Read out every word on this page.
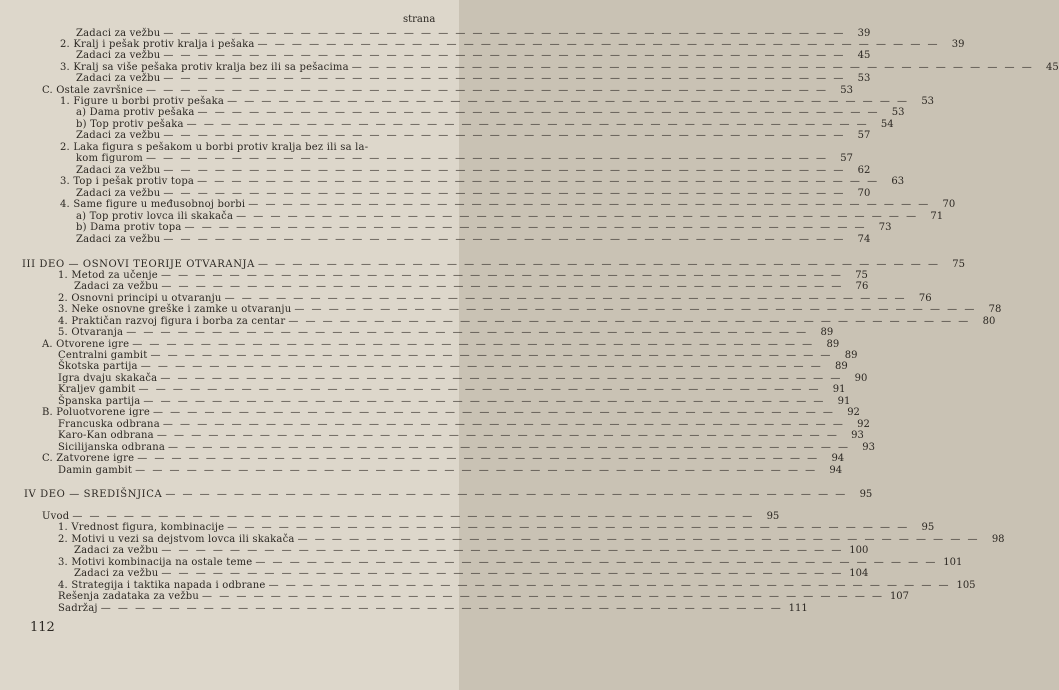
strana
Zadaci za vežbu — — — — — — — — — — — — — — — — — — — — — — — — — — — — — — — — — — — — — — — —	39
2. Kralj i pešak protiv kralja i pešaka — — — — — — — — — — — — — — — — — — — — — — — — — — — — — — — — — — — — — — — —	39
Zadaci za vežbu — — — — — — — — — — — — — — — — — — — — — — — — — — — — — — — — — — — — — — — —	45
3. Kralj sa više pešaka protiv kralja bez ili sa pešacima — — — — — — — — — — — — — — — — — — — — — — — — — — — — — — — — — — — — — — — —	45
Zadaci za vežbu — — — — — — — — — — — — — — — — — — — — — — — — — — — — — — — — — — — — — — — —	53
C. Ostale završnice — — — — — — — — — — — — — — — — — — — — — — — — — — — — — — — — — — — — — — — —	53
1. Figure u borbi protiv pešaka — — — — — — — — — — — — — — — — — — — — — — — — — — — — — — — — — — — — — — — —	53
a) Dama protiv pešaka — — — — — — — — — — — — — — — — — — — — — — — — — — — — — — — — — — — — — — — —	53
b) Top protiv pešaka — — — — — — — — — — — — — — — — — — — — — — — — — — — — — — — — — — — — — — — —	54
Zadaci za vežbu — — — — — — — — — — — — — — — — — — — — — — — — — — — — — — — — — — — — — — — —	57
2. Laka figura s pešakom u borbi protiv kralja bez ili sa la-
kom figurom — — — — — — — — — — — — — — — — — — — — — — — — — — — — — — — — — — — — — — — —	57
Zadaci za vežbu — — — — — — — — — — — — — — — — — — — — — — — — — — — — — — — — — — — — — — — —	62
3. Top i pešak protiv topa — — — — — — — — — — — — — — — — — — — — — — — — — — — — — — — — — — — — — — — —	63
Zadaci za vežbu — — — — — — — — — — — — — — — — — — — — — — — — — — — — — — — — — — — — — — — —	70
4. Same figure u međusobnoj borbi — — — — — — — — — — — — — — — — — — — — — — — — — — — — — — — — — — — — — — — —	70
a) Top protiv lovca ili skakača — — — — — — — — — — — — — — — — — — — — — — — — — — — — — — — — — — — — — — — —	71
b) Dama protiv topa — — — — — — — — — — — — — — — — — — — — — — — — — — — — — — — — — — — — — — — —	73
Zadaci za vežbu — — — — — — — — — — — — — — — — — — — — — — — — — — — — — — — — — — — — — — — —	74
III DEO — OSNOVI TEORIJE OTVARANJA — — — — — — — — — — — — — — — — — — — — — — — — — — — — — — — — — — — — — — — —	75
1. Metod za učenje — — — — — — — — — — — — — — — — — — — — — — — — — — — — — — — — — — — — — — — —	75
Zadaci za vežbu — — — — — — — — — — — — — — — — — — — — — — — — — — — — — — — — — — — — — — — —	76
2. Osnovni principi u otvaranju — — — — — — — — — — — — — — — — — — — — — — — — — — — — — — — — — — — — — — — —	76
3. Neke osnovne greške i zamke u otvaranju — — — — — — — — — — — — — — — — — — — — — — — — — — — — — — — — — — — — — — — —	78
4. Praktičan razvoj figura i borba za centar — — — — — — — — — — — — — — — — — — — — — — — — — — — — — — — — — — — — — — — —	80
5. Otvaranja — — — — — — — — — — — — — — — — — — — — — — — — — — — — — — — — — — — — — — — —	89
A. Otvorene igre — — — — — — — — — — — — — — — — — — — — — — — — — — — — — — — — — — — — — — — —	89
Centralni gambit — — — — — — — — — — — — — — — — — — — — — — — — — — — — — — — — — — — — — — — —	89
Škotska partija — — — — — — — — — — — — — — — — — — — — — — — — — — — — — — — — — — — — — — — —	89
Igra dvaju skakača — — — — — — — — — — — — — — — — — — — — — — — — — — — — — — — — — — — — — — — —	90
Kraljev gambit — — — — — — — — — — — — — — — — — — — — — — — — — — — — — — — — — — — — — — — —	91
Španska partija — — — — — — — — — — — — — — — — — — — — — — — — — — — — — — — — — — — — — — — —	91
B. Poluotvorene igre — — — — — — — — — — — — — — — — — — — — — — — — — — — — — — — — — — — — — — — —	92
Francuska odbrana — — — — — — — — — — — — — — — — — — — — — — — — — — — — — — — — — — — — — — — —	92
Karo-Kan odbrana — — — — — — — — — — — — — — — — — — — — — — — — — — — — — — — — — — — — — — — —	93
Sicilijanska odbrana — — — — — — — — — — — — — — — — — — — — — — — — — — — — — — — — — — — — — — — —	93
C. Zatvorene igre — — — — — — — — — — — — — — — — — — — — — — — — — — — — — — — — — — — — — — — —	94
Damin gambit — — — — — — — — — — — — — — — — — — — — — — — — — — — — — — — — — — — — — — — —	94
IV DEO — SREDIŠNJICA — — — — — — — — — — — — — — — — — — — — — — — — — — — — — — — — — — — — — — — —	95
Uvod — — — — — — — — — — — — — — — — — — — — — — — — — — — — — — — — — — — — — — — —	95
1. Vrednost figura, kombinacije — — — — — — — — — — — — — — — — — — — — — — — — — — — — — — — — — — — — — — — —	95
2. Motivi u vezi sa dejstvom lovca ili skakača — — — — — — — — — — — — — — — — — — — — — — — — — — — — — — — — — — — — — — — —	98
Zadaci za vežbu — — — — — — — — — — — — — — — — — — — — — — — — — — — — — — — — — — — — — — — — 100
3. Motivi kombinacija na ostale teme — — — — — — — — — — — — — — — — — — — — — — — — — — — — — — — — — — — — — — — — 101
Zadaci za vežbu — — — — — — — — — — — — — — — — — — — — — — — — — — — — — — — — — — — — — — — — 104
4. Strategija i taktika napada i odbrane — — — — — — — — — — — — — — — — — — — — — — — — — — — — — — — — — — — — — — — — 105
Rešenja zadataka za vežbu — — — — — — — — — — — — — — — — — — — — — — — — — — — — — — — — — — — — — — — — 107
Sadržaj — — — — — — — — — — — — — — — — — — — — — — — — — — — — — — — — — — — — — — — — 111
112
